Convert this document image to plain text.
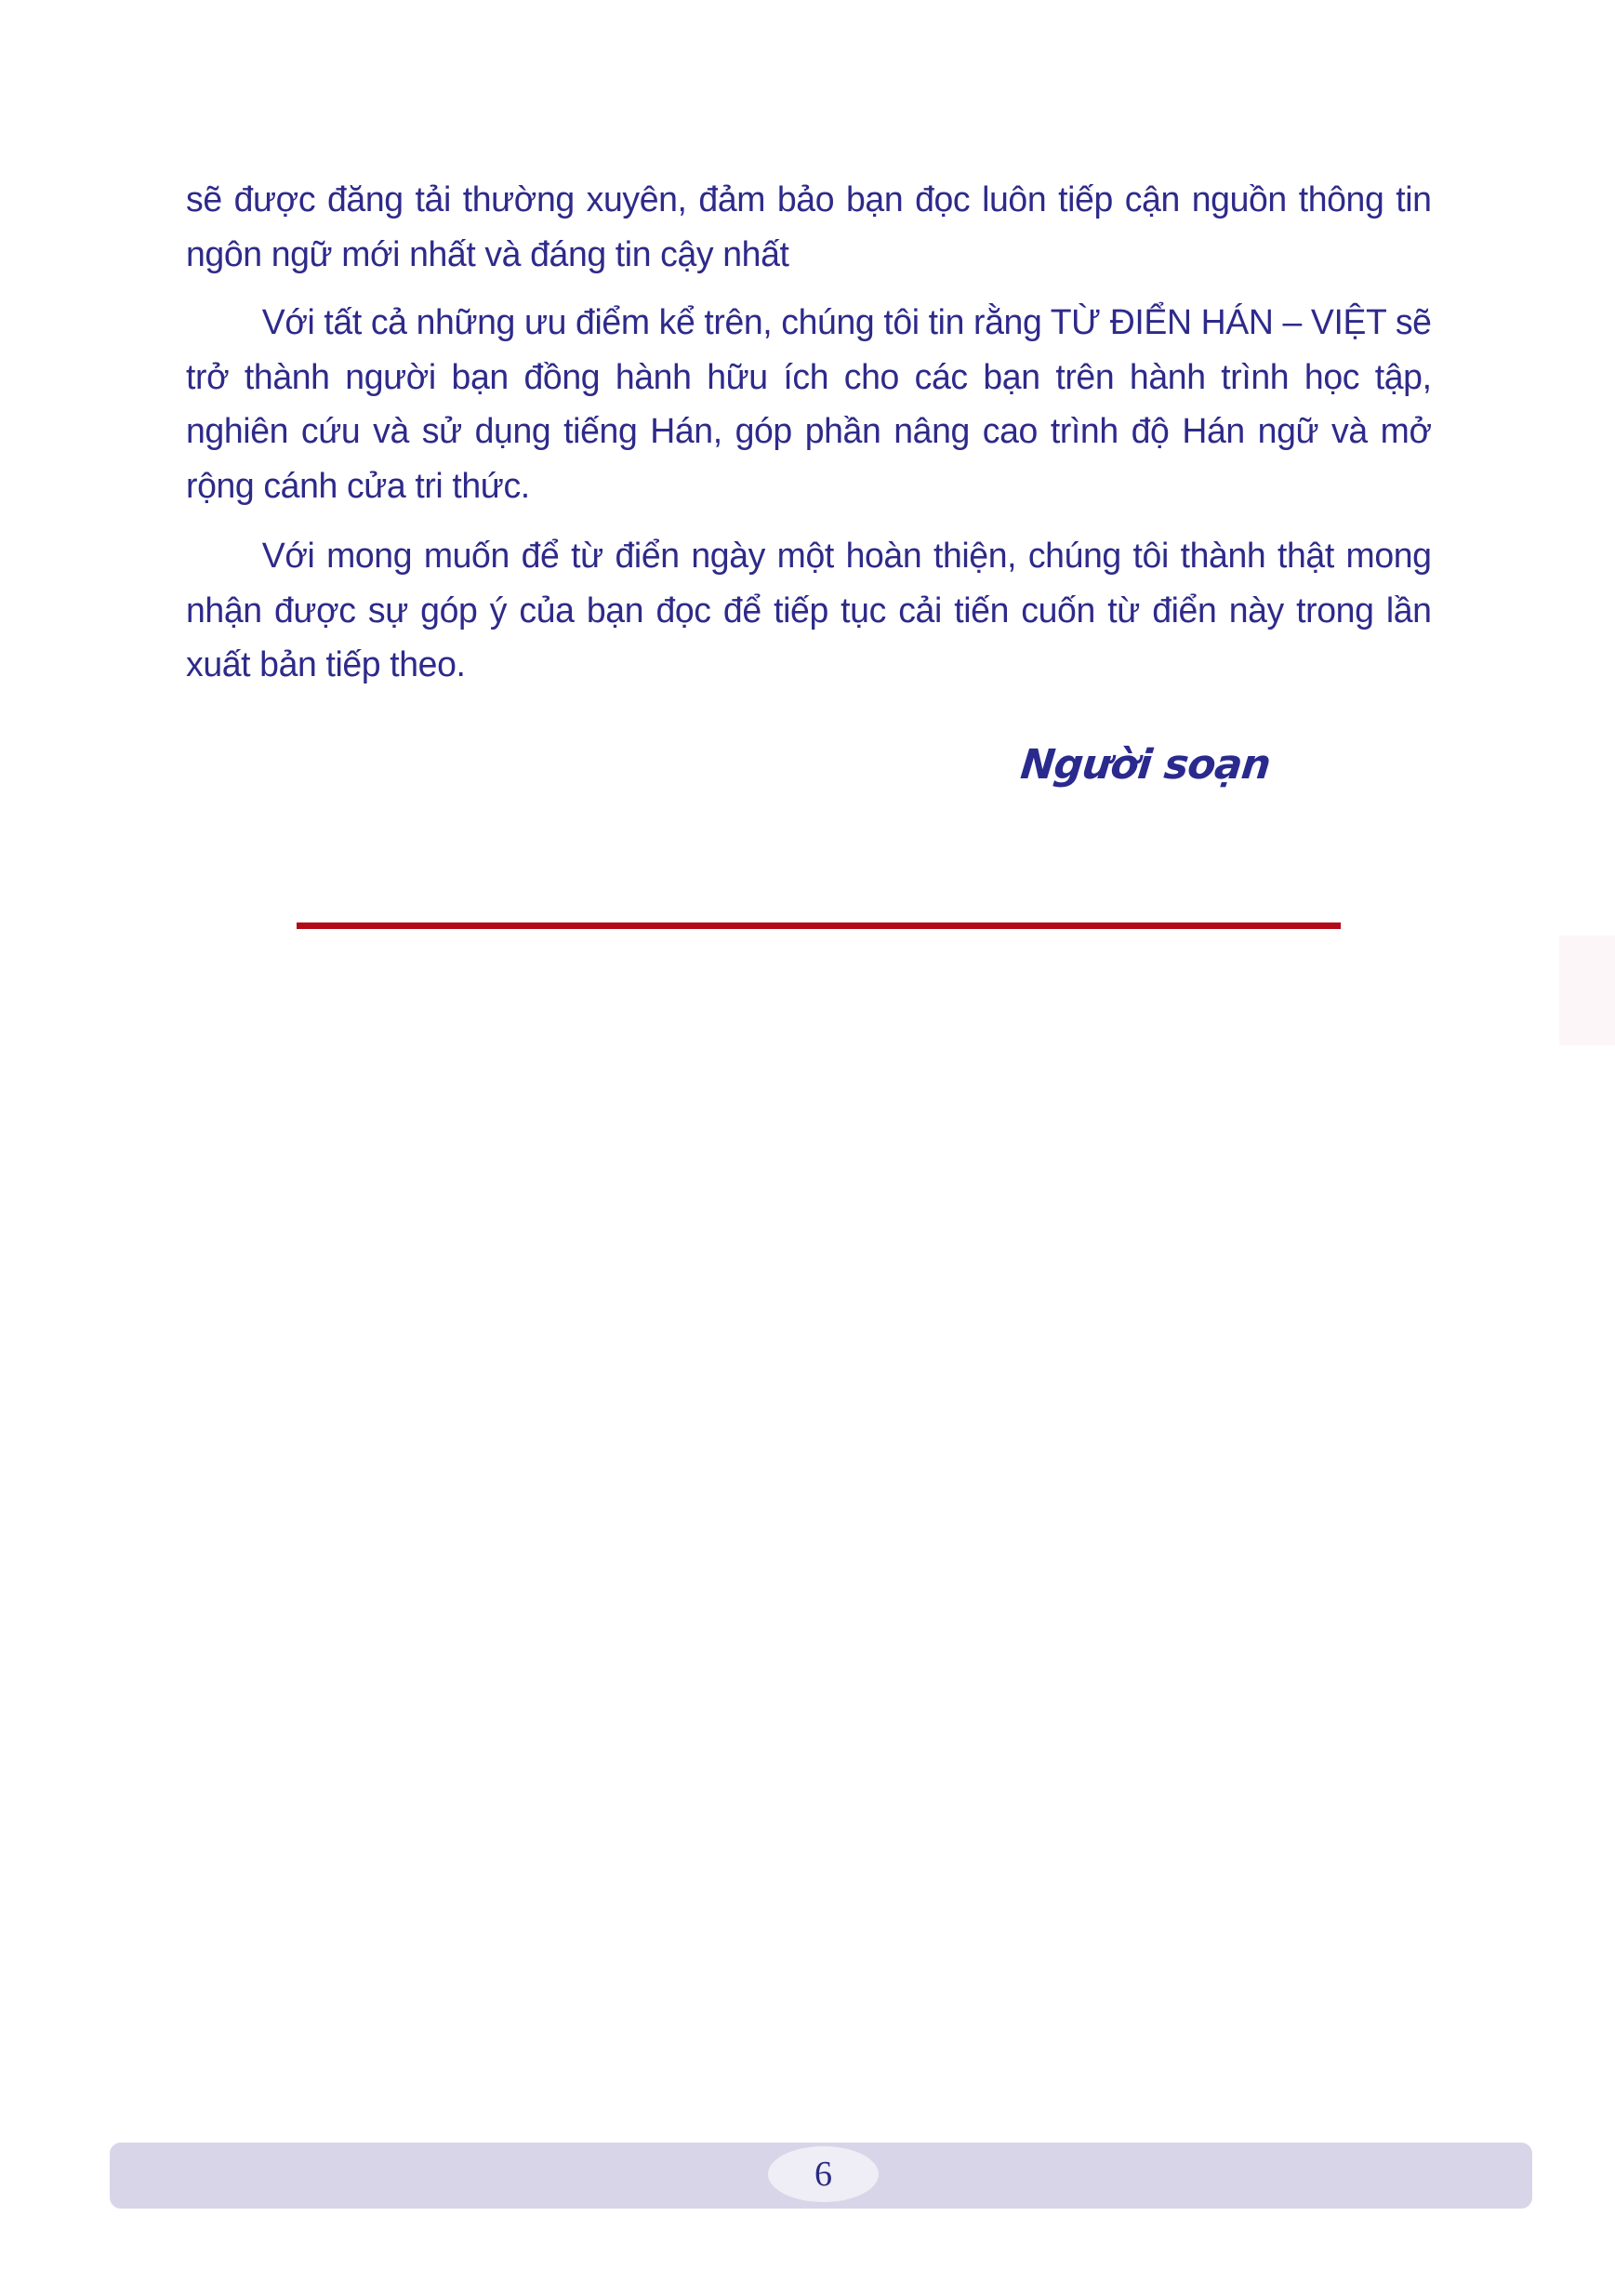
sẽ được đăng tải thường xuyên, đảm bảo bạn đọc luôn tiếp cận nguồn thông tin ngôn ngữ mới nhất và đáng tin cậy nhất

Với tất cả những ưu điểm kể trên, chúng tôi tin rằng TỪ ĐIỂN HÁN – VIỆT sẽ trở thành người bạn đồng hành hữu ích cho các bạn trên hành trình học tập, nghiên cứu và sử dụng tiếng Hán, góp phần nâng cao trình độ Hán ngữ và mở rộng cánh cửa tri thức.

Với mong muốn để từ điển ngày một hoàn thiện, chúng tôi thành thật mong nhận được sự góp ý của bạn đọc để tiếp tục cải tiến cuốn từ điển này trong lần xuất bản tiếp theo.

Người soạn
6
